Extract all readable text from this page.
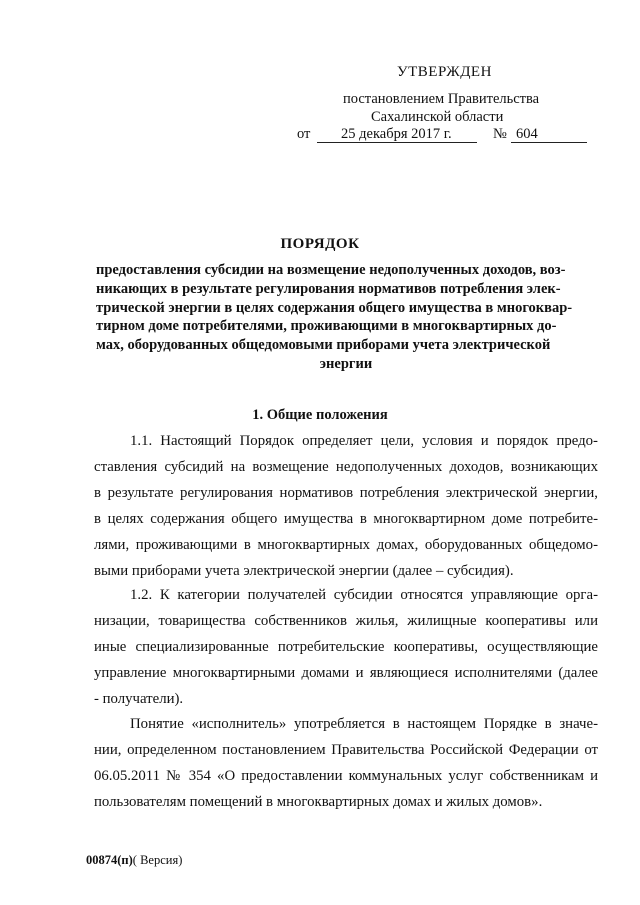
УТВЕРЖДЕН
постановлением Правительства
Сахалинской области
от 25 декабря 2017 г.	№ 604
ПОРЯДОК
предоставления субсидии на возмещение недополученных доходов, воз-
никающих в результате регулирования нормативов потребления элек-
трической энергии в целях содержания общего имущества в многоквар-
тирном доме потребителями, проживающими в многоквартирных до-
мах, оборудованных общедомовыми приборами учета электрической
энергии
1. Общие положения
1.1. Настоящий Порядок определяет цели, условия и порядок предо-
ставления субсидий на возмещение недополученных доходов, возникающих
в результате регулирования нормативов потребления электрической энергии,
в целях содержания общего имущества в многоквартирном доме потребите-
лями, проживающими в многоквартирных домах, оборудованных общедомо-
выми приборами учета электрической энергии (далее – субсидия).
1.2. К категории получателей субсидии относятся управляющие орга-
низации, товарищества собственников жилья, жилищные кооперативы или
иные специализированные потребительские кооперативы, осуществляющие
управление многоквартирными домами и являющиеся исполнителями (далее
- получатели).
Понятие «исполнитель» употребляется в настоящем Порядке в значе-
нии, определенном постановлением Правительства Российской Федерации от
06.05.2011 № 354 «О предоставлении коммунальных услуг собственникам и
пользователям помещений в многоквартирных домах и жилых домов».
00874(п)( Версия)
